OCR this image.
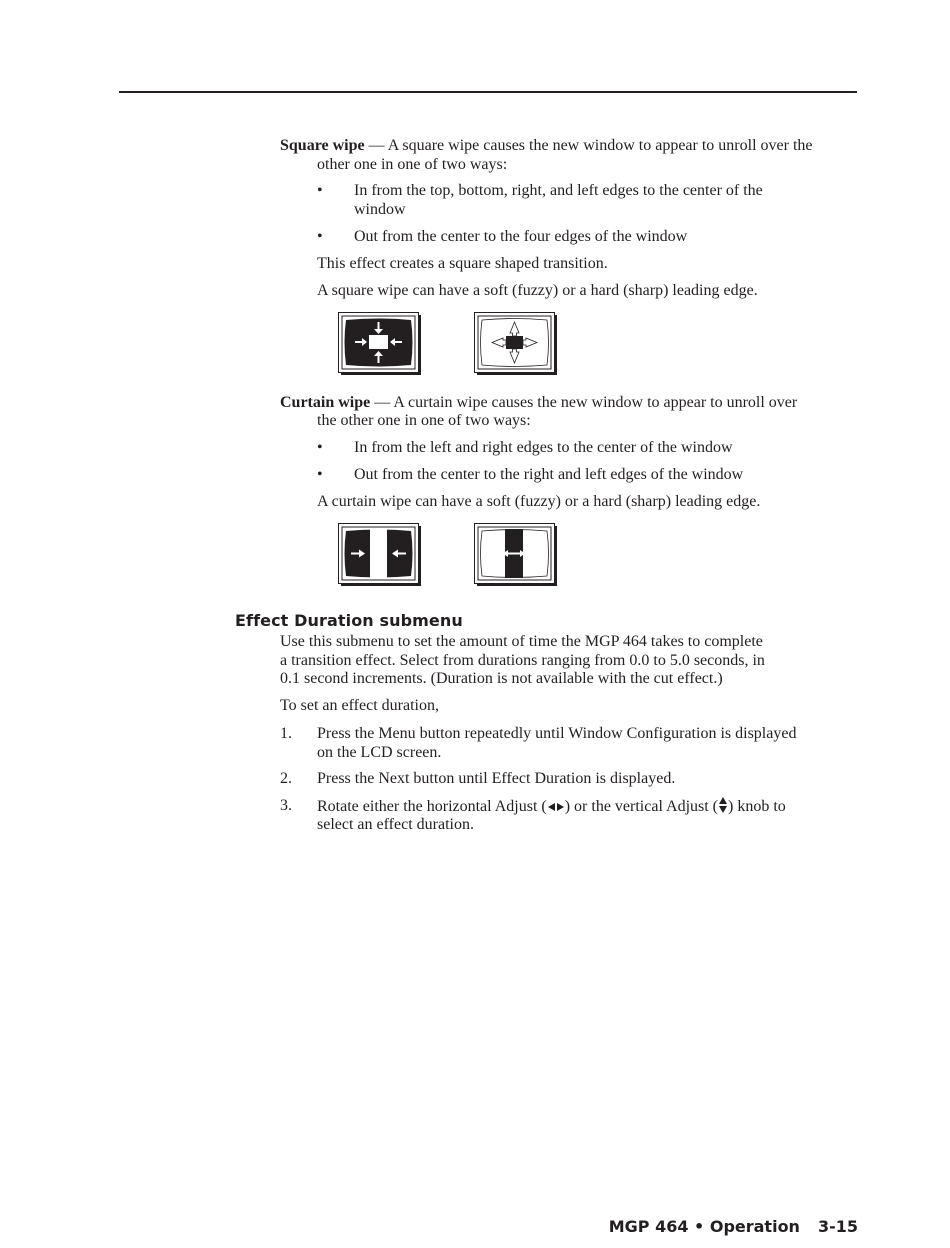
Square wipe — A square wipe causes the new window to appear to unroll over the
other one in one of two ways:
• In from the top, bottom, right, and left edges to the center of the
window
• Out from the center to the four edges of the window
This effect creates a square shaped transition.
A square wipe can have a soft (fuzzy) or a hard (sharp) leading edge.
Curtain wipe — A curtain wipe causes the new window to appear to unroll over
the other one in one of two ways:
• In from the left and right edges to the center of the window
• Out from the center to the right and left edges of the window
A curtain wipe can have a soft (fuzzy) or a hard (sharp) leading edge.
Effect Duration submenu
Use this submenu to set the amount of time the MGP 464 takes to complete
a transition effect. Select from durations ranging from 0.0 to 5.0 seconds, in
0.1 second increments. (Duration is not available with the cut effect.)
To set an effect duration,
1. Press the Menu button repeatedly until Window Configuration is displayed
on the LCD screen.
2. Press the Next button until Effect Duration is displayed.
3. Rotate either the horizontal Adjust ( ) or the vertical Adjust ( ) knob to
select an effect duration.
MGP 464 • Operation 3-15
